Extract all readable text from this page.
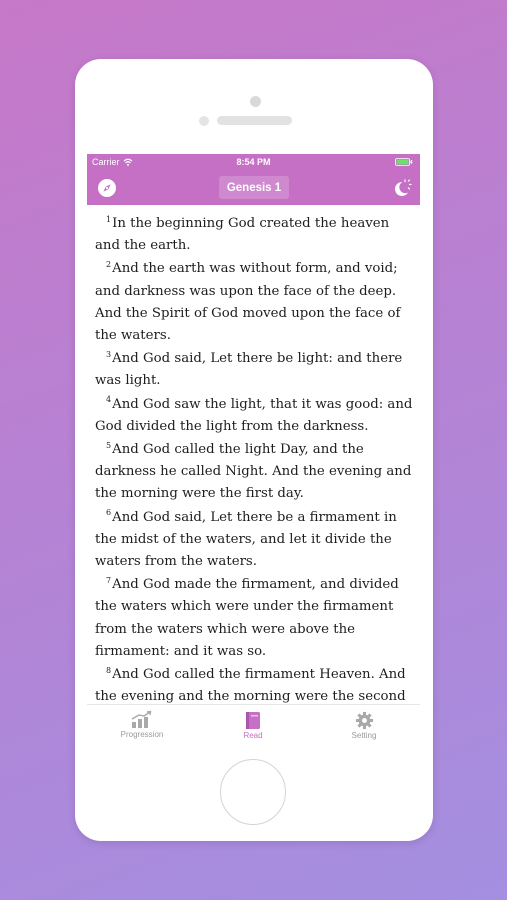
Carrier	8:54 PM
Genesis 1

$^1$In the beginning God created the heaven and the earth.

$^2$And the earth was without form, and void; and darkness was upon the face of the deep. And the Spirit of God moved upon the face of the waters.

$^3$And God said, Let there be light: and there was light.

$^4$And God saw the light, that it was good: and God divided the light from the darkness.

$^5$And God called the light Day, and the darkness he called Night. And the evening and the morning were the first day.

$^6$And God said, Let there be a firmament in the midst of the waters, and let it divide the waters from the waters.

$^7$And God made the firmament, and divided the waters which were under the firmament from the waters which were above the firmament: and it was so.

$^8$And God called the firmament Heaven. And the evening and the morning were the second

Progression	Read	Setting
